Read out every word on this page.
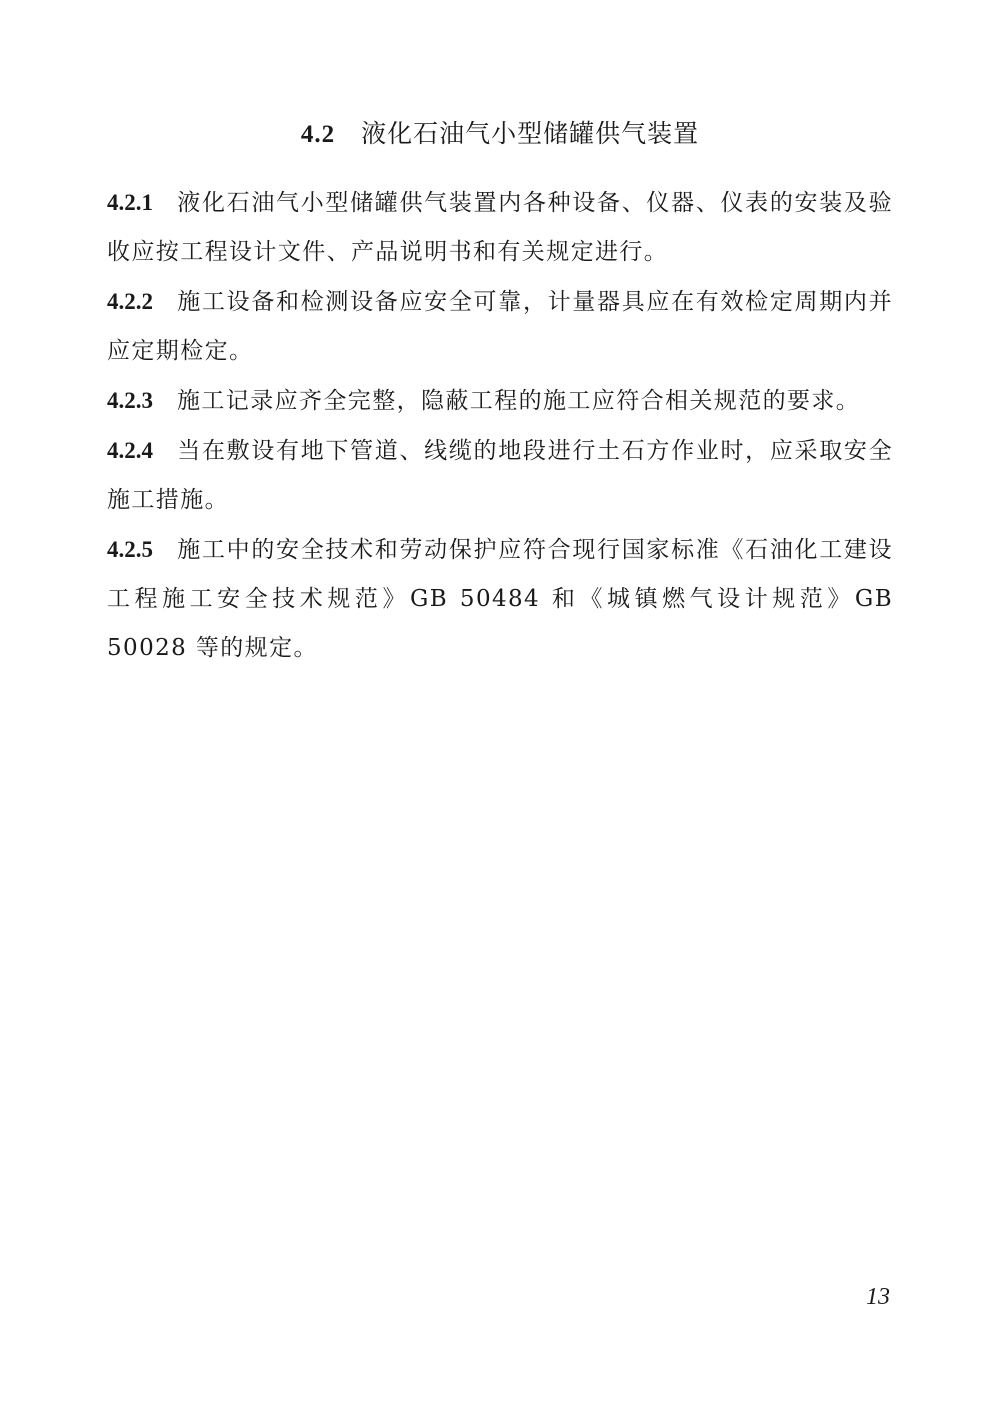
4.2 液化石油气小型储罐供气装置
4.2.1 液化石油气小型储罐供气装置内各种设备、仪器、仪表的安装及验收应按工程设计文件、产品说明书和有关规定进行。
4.2.2 施工设备和检测设备应安全可靠，计量器具应在有效检定周期内并应定期检定。
4.2.3 施工记录应齐全完整，隐蔽工程的施工应符合相关规范的要求。
4.2.4 当在敷设有地下管道、线缆的地段进行土石方作业时，应采取安全施工措施。
4.2.5 施工中的安全技术和劳动保护应符合现行国家标准《石油化工建设工程施工安全技术规范》GB 50484 和《城镇燃气设计规范》GB 50028 等的规定。
13
